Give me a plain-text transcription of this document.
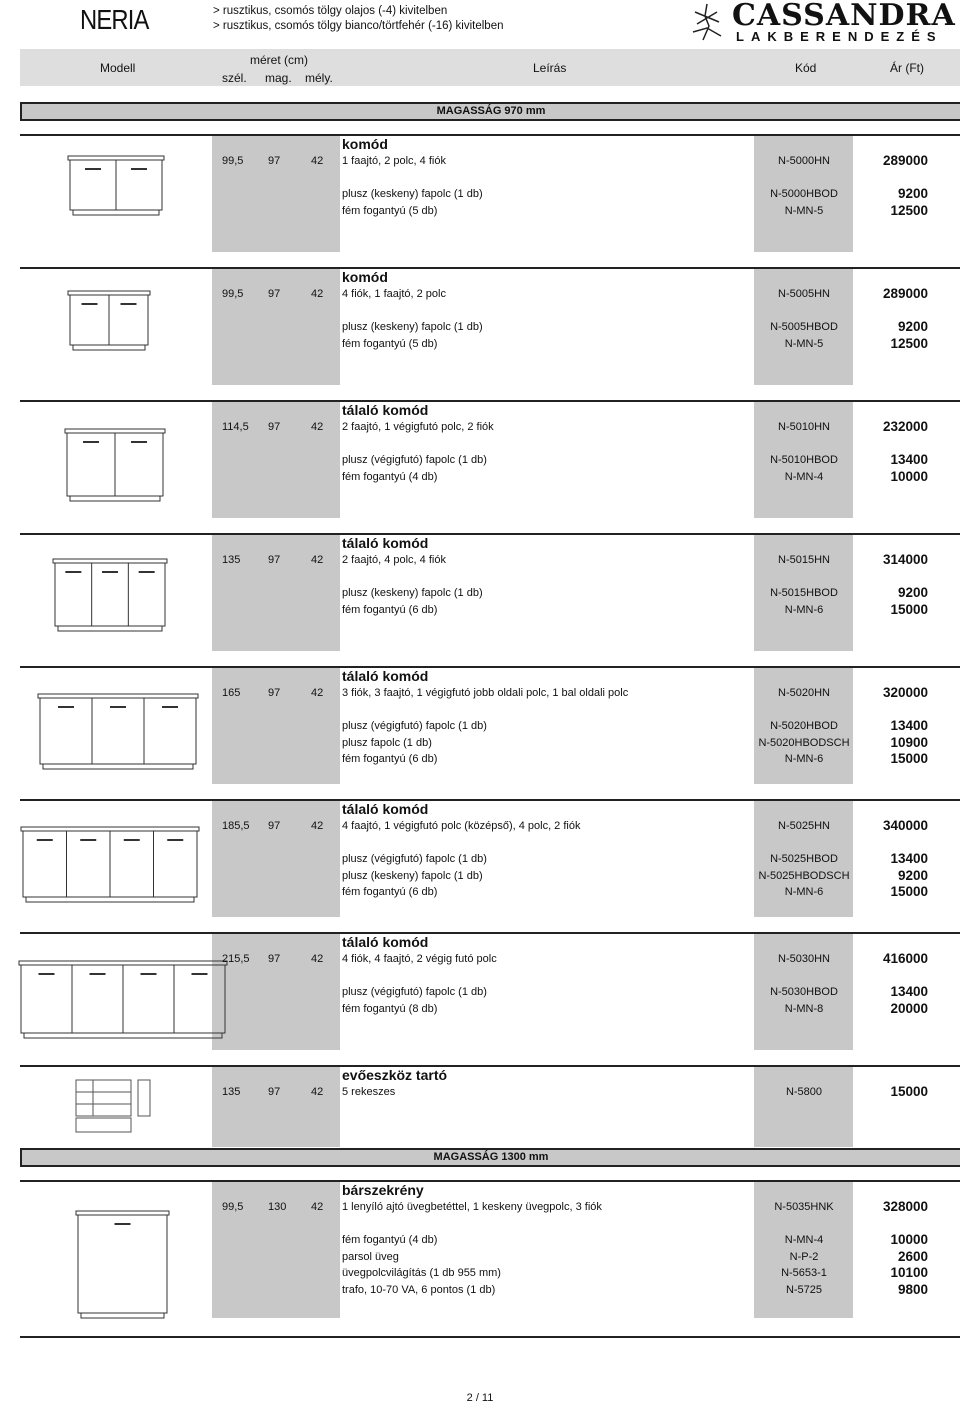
NERIA	> rusztikus, csomós tölgy olajos (-4) kivitelben
> rusztikus, csomós tölgy bianco/törtfehér (-16) kivitelben	CASSANDRA
LAKBERENDEZÉS
Modell
méret (cm)
szél. mag. mély.
Leírás	Kód	Ár (Ft)
MAGASSÁG 970 mm
MAGASSÁG 1300 mm
komód
99,5 97	42 1 faajtó, 2 polc, 4 fiók	N-5000HN	289000
plusz (keskeny) fapolc (1 db)	N-5000HBOD	9200
fém fogantyú (5 db)	N-MN-5	12500
komód
99,5 97	42 4 fiók, 1 faajtó, 2 polc	N-5005HN	289000
plusz (keskeny) fapolc (1 db)	N-5005HBOD	9200
fém fogantyú (5 db)	N-MN-5	12500
tálaló komód
114,5 97	42 2 faajtó, 1 végigfutó polc, 2 fiók	N-5010HN	232000
plusz (végigfutó) fapolc (1 db)	N-5010HBOD	13400
fém fogantyú (4 db)	N-MN-4	10000
tálaló komód
135	97	42 2 faajtó, 4 polc, 4 fiók	N-5015HN	314000
plusz (keskeny) fapolc (1 db)	N-5015HBOD	9200
fém fogantyú (6 db)	N-MN-6	15000
tálaló komód
165	97	42 3 fiók, 3 faajtó, 1 végigfutó jobb oldali polc, 1 bal oldali polc	N-5020HN	320000
plusz (végigfutó) fapolc (1 db)	N-5020HBOD	13400
plusz fapolc (1 db)	N-5020HBODSCH	10900
fém fogantyú (6 db)	N-MN-6	15000
tálaló komód
185,5 97	42 4 faajtó, 1 végigfutó polc (középső), 4 polc, 2 fiók	N-5025HN	340000
plusz (végigfutó) fapolc (1 db)	N-5025HBOD	13400
plusz (keskeny) fapolc (1 db)	N-5025HBODSCH	9200
fém fogantyú (6 db)	N-MN-6	15000
tálaló komód
215,5 97	42 4 fiók, 4 faajtó, 2 végig futó polc	N-5030HN	416000
plusz (végigfutó) fapolc (1 db)	N-5030HBOD	13400
fém fogantyú (8 db)	N-MN-8	20000
evőeszköz tartó
135	97	42 5 rekeszes	N-5800	15000
bárszekrény
99,5 130 42 1 lenyíló ajtó üvegbetéttel, 1 keskeny üvegpolc, 3 fiók	N-5035HNK	328000
fém fogantyú (4 db)	N-MN-4	10000
parsol üveg	N-P-2	2600
üvegpolcvilágítás (1 db 955 mm)	N-5653-1	10100
trafo, 10-70 VA, 6 pontos (1 db)	N-5725	9800
2 / 11
